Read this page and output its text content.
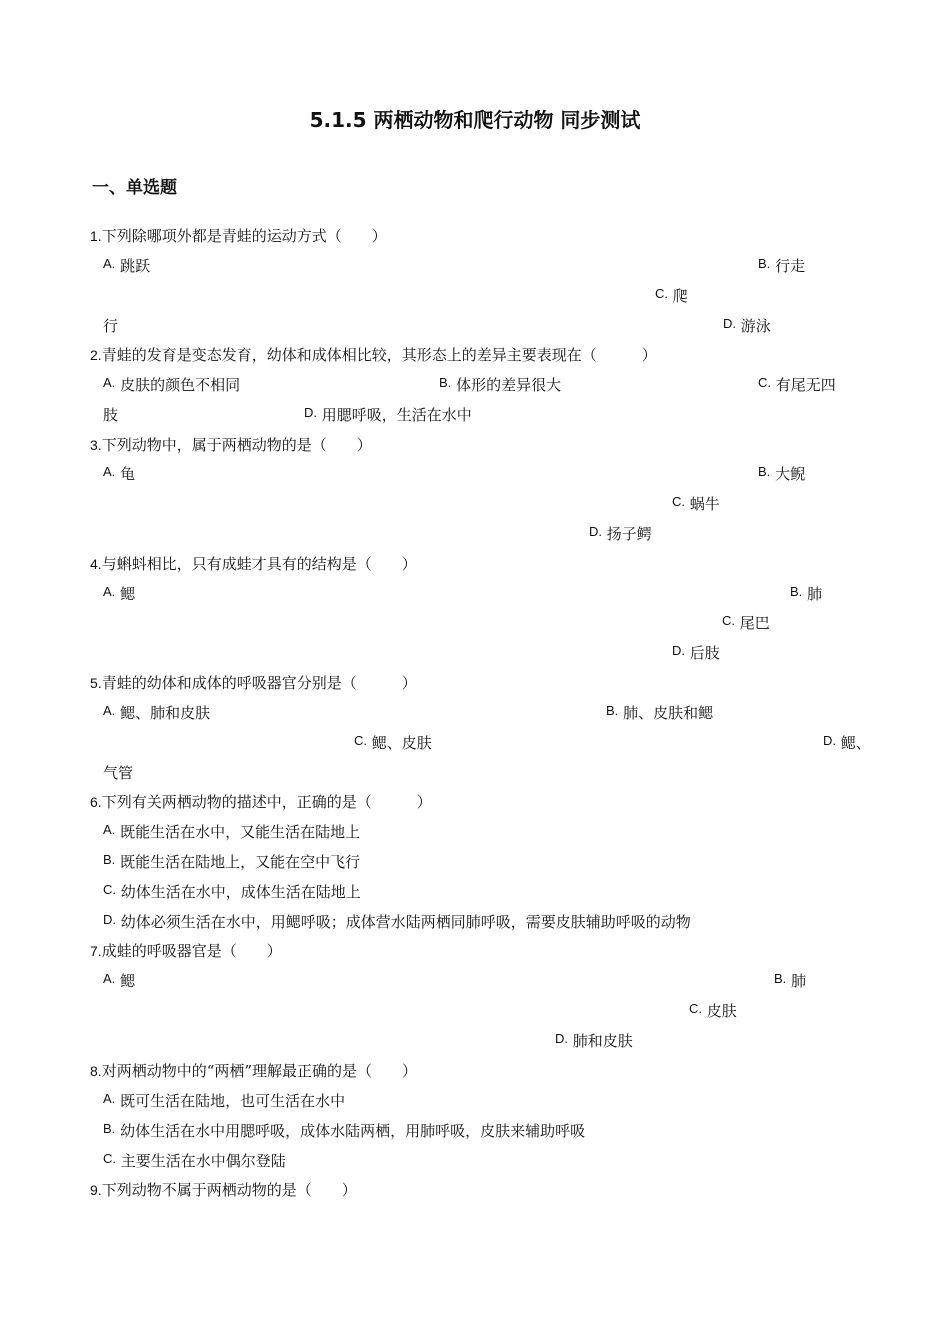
5.1.5 两栖动物和爬行动物 同步测试
一、单选题
1.下列除哪项外都是青蛙的运动方式（　　）
A. 跳跃	B. 行走
C. 爬
行	D. 游泳
2.青蛙的发育是变态发育，幼体和成体相比较，其形态上的差异主要表现在（　　　）
A. 皮肤的颜色不相同	B. 体形的差异很大	C. 有尾无四
肢	D. 用腮呼吸，生活在水中
3.下列动物中，属于两栖动物的是（　　）
A. 龟	B. 大鲵
C. 蜗牛
D. 扬子鳄
4.与蝌蚪相比，只有成蛙才具有的结构是（　　）
A. 鳃	B. 肺
C. 尾巴
D. 后肢
5.青蛙的幼体和成体的呼吸器官分别是（　　　）
A. 鳃、肺和皮肤	B. 肺、皮肤和鳃
C. 鳃、皮肤	D. 鳃、
气管
6.下列有关两栖动物的描述中，正确的是（　　　）
A. 既能生活在水中，又能生活在陆地上
B. 既能生活在陆地上，又能在空中飞行
C. 幼体生活在水中，成体生活在陆地上
D. 幼体必须生活在水中，用鳃呼吸；成体营水陆两栖同肺呼吸，需要皮肤辅助呼吸的动物
7.成蛙的呼吸器官是（　　）
A. 鳃	B. 肺
C. 皮肤
D. 肺和皮肤
8.对两栖动物中的“两栖”理解最正确的是（　　）
A. 既可生活在陆地，也可生活在水中
B. 幼体生活在水中用腮呼吸，成体水陆两栖，用肺呼吸，皮肤来辅助呼吸
C. 主要生活在水中偶尔登陆
9.下列动物不属于两栖动物的是（　　）
